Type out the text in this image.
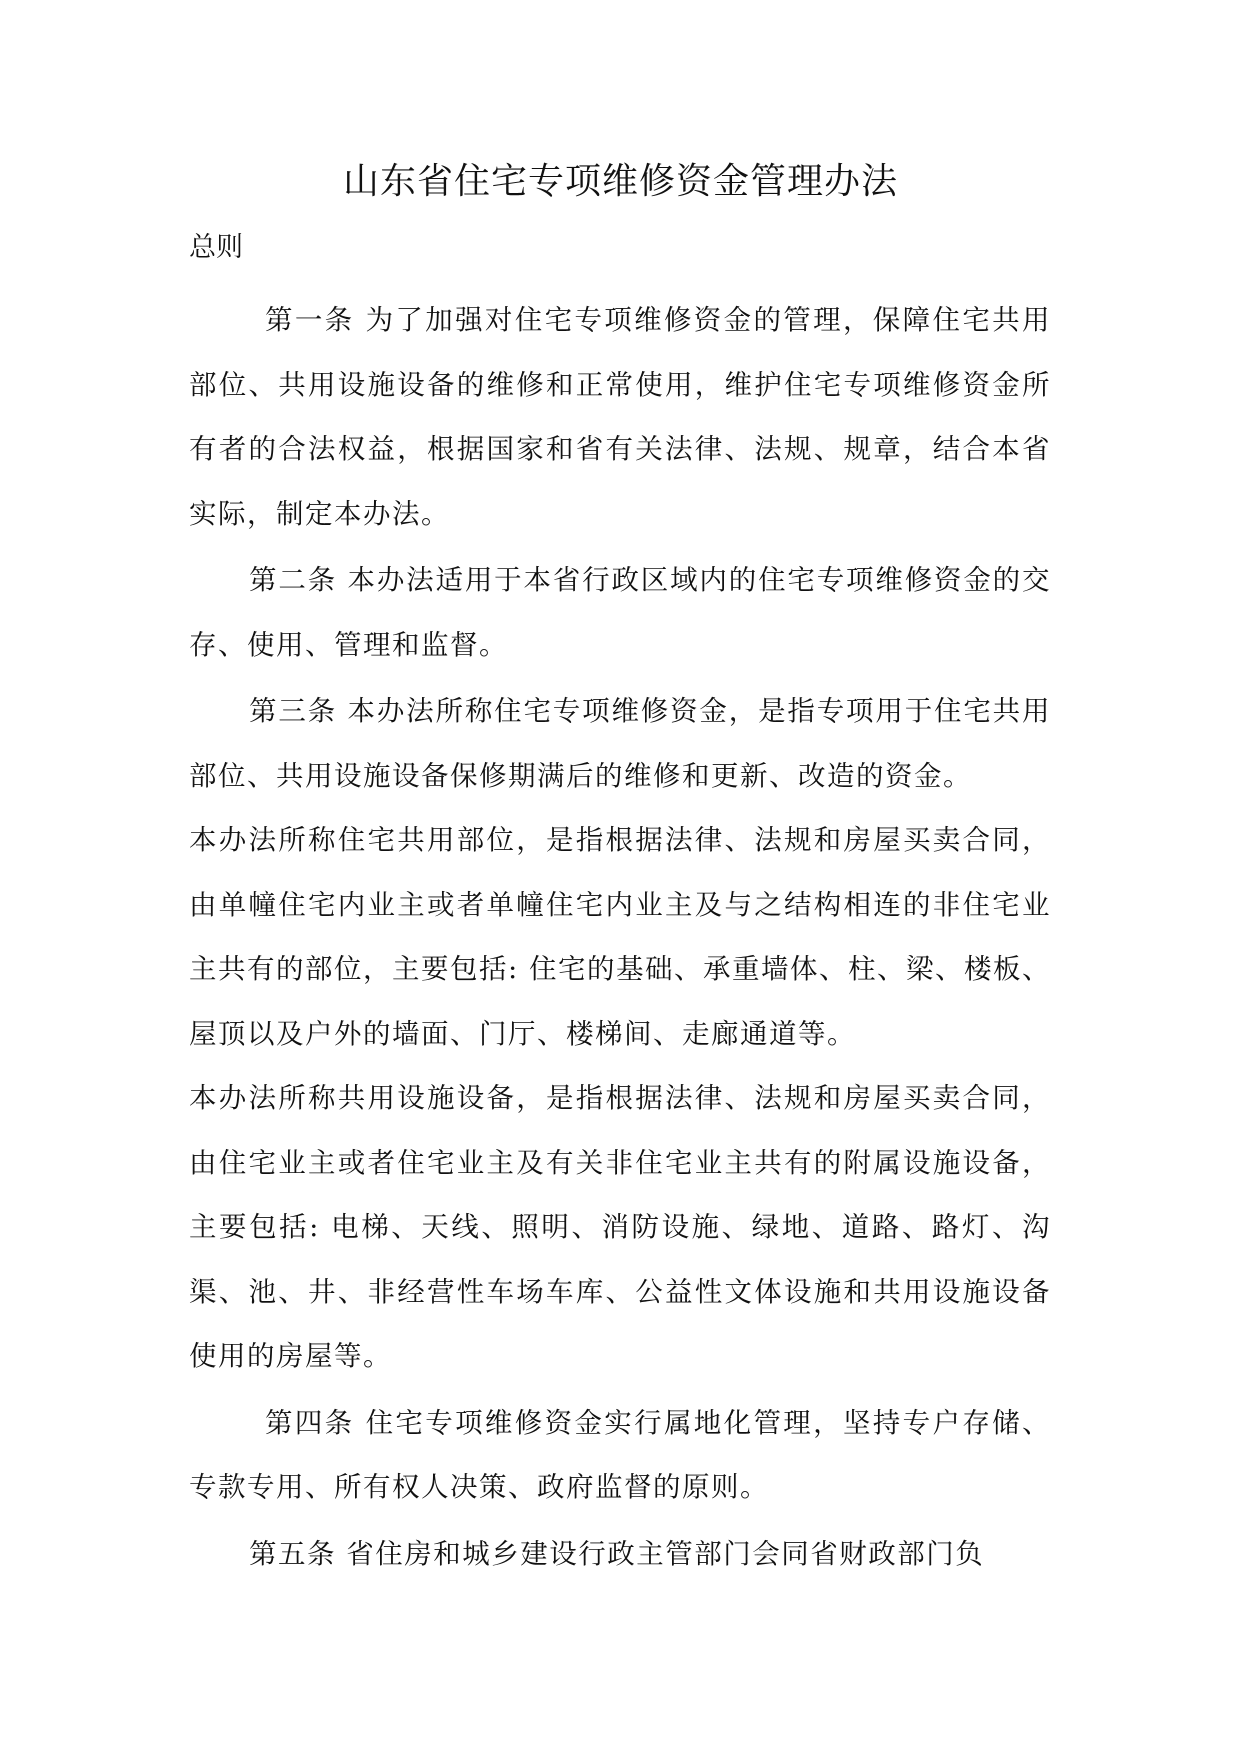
山东省住宅专项维修资金管理办法
总则

第一条 为了加强对住宅专项维修资金的管理，保障住宅共用部位、共用设施设备的维修和正常使用，维护住宅专项维修资金所有者的合法权益，根据国家和省有关法律、法规、规章，结合本省实际，制定本办法。

第二条 本办法适用于本省行政区域内的住宅专项维修资金的交存、使用、管理和监督。

第三条 本办法所称住宅专项维修资金，是指专项用于住宅共用部位、共用设施设备保修期满后的维修和更新、改造的资金。

本办法所称住宅共用部位，是指根据法律、法规和房屋买卖合同，由单幢住宅内业主或者单幢住宅内业主及与之结构相连的非住宅业主共有的部位，主要包括: 住宅的基础、承重墙体、柱、梁、楼板、屋顶以及户外的墙面、门厅、楼梯间、走廊通道等。

本办法所称共用设施设备，是指根据法律、法规和房屋买卖合同，由住宅业主或者住宅业主及有关非住宅业主共有的附属设施设备，主要包括: 电梯、天线、照明、消防设施、绿地、道路、路灯、沟渠、池、井、非经营性车场车库、公益性文体设施和共用设施设备使用的房屋等。

第四条 住宅专项维修资金实行属地化管理，坚持专户存储、专款专用、所有权人决策、政府监督的原则。

第五条 省住房和城乡建设行政主管部门会同省财政部门负
